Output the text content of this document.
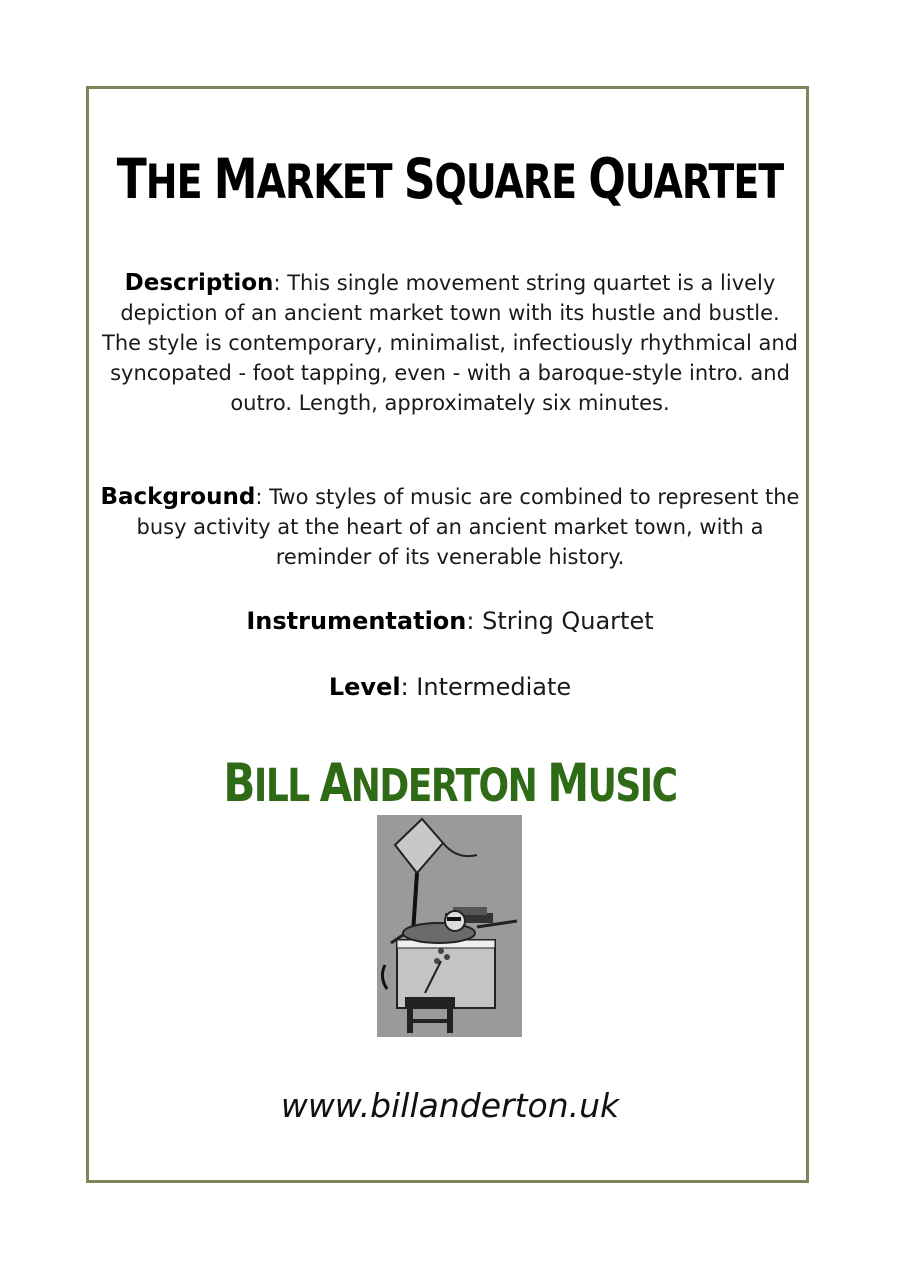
THE MARKET SQUARE QUARTET
Description: This single movement string quartet is a lively depiction of an ancient market town with its hustle and bustle. The style is contemporary, minimalist, infectiously rhythmical and syncopated - foot tapping, even - with a baroque-style intro. and outro. Length, approximately six minutes.
Background: Two styles of music are combined to represent the busy activity at the heart of an ancient market town, with a reminder of its venerable history.
Instrumentation: String Quartet
Level: Intermediate
BILL ANDERTON MUSIC
www.billanderton.uk
